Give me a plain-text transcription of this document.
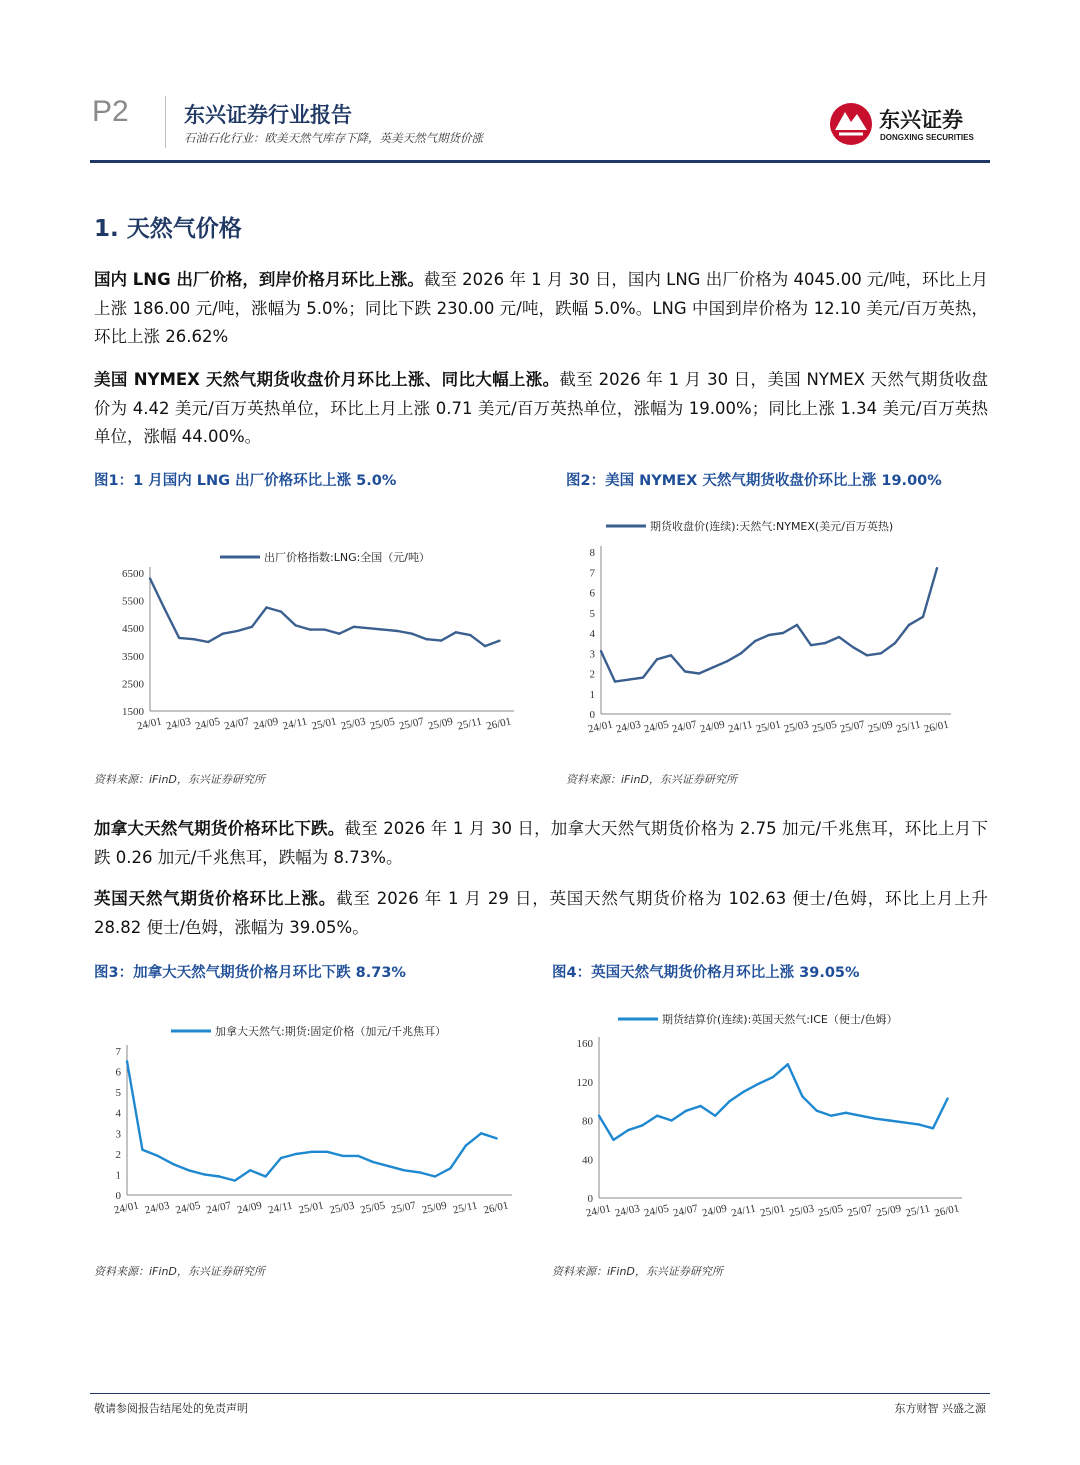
P2	东兴证券行业报告
石油石化行业：欧美天然气库存下降，英美天然气期货价涨
东兴证券
DONGXING SECURITIES
1. 天然气价格
国内 LNG 出厂价格，到岸价格月环比上涨。截至 2026 年 1 月 30 日，国内 LNG 出厂价格为 4045.00 元/吨，环比上月上涨 186.00 元/吨，涨幅为 5.0%；同比下跌 230.00 元/吨，跌幅 5.0%。LNG 中国到岸价格为 12.10 美元/百万英热，环比上涨 26.62%
美国 NYMEX 天然气期货收盘价月环比上涨、同比大幅上涨。截至 2026 年 1 月 30 日，美国 NYMEX 天然气期货收盘价为 4.42 美元/百万英热单位，环比上月上涨 0.71 美元/百万英热单位，涨幅为 19.00%；同比上涨 1.34 美元/百万英热单位，涨幅 44.00%。
图1：1 月国内 LNG 出厂价格环比上涨 5.0%	图2：美国 NYMEX 天然气期货收盘价环比上涨 19.00%
出厂价格指数:LNG:全国（元/吨）
1500
2500
3500
4500
5500
6500
24/01 24/03 24/05 24/07 24/09 24/11 25/01 25/03 25/05 25/07 25/09 25/11 26/01
期货收盘价(连续):天然气:NYMEX(美元/百万英热)
0
1
2
3
4
5
6
7
8
24/01 24/03 24/05 24/07 24/09 24/11 25/01 25/03 25/05 25/07 25/09 25/11 26/01
资料来源：iFinD，东兴证券研究所	资料来源：iFinD，东兴证券研究所
加拿大天然气期货价格环比下跌。截至 2026 年 1 月 30 日，加拿大天然气期货价格为 2.75 加元/千兆焦耳，环比上月下跌 0.26 加元/千兆焦耳，跌幅为 8.73%。
英国天然气期货价格环比上涨。截至 2026 年 1 月 29 日，英国天然气期货价格为 102.63 便士/色姆，环比上月上升 28.82 便士/色姆，涨幅为 39.05%。
图3：加拿大天然气期货价格月环比下跌 8.73%	图4：英国天然气期货价格月环比上涨 39.05%
加拿大天然气:期货:固定价格（加元/千兆焦耳）
0
1
2
3
4
5
6
7
24/01 24/03 24/05 24/07 24/09 24/11 25/01 25/03 25/05 25/07 25/09 25/11 26/01
期货结算价(连续):英国天然气:ICE（便士/色姆）
0
40
80
120
160
24/01 24/03 24/05 24/07 24/09 24/11 25/01 25/03 25/05 25/07 25/09 25/11 26/01
资料来源：iFinD，东兴证券研究所	资料来源：iFinD，东兴证券研究所
敬请参阅报告结尾处的免责声明	东方财智 兴盛之源
